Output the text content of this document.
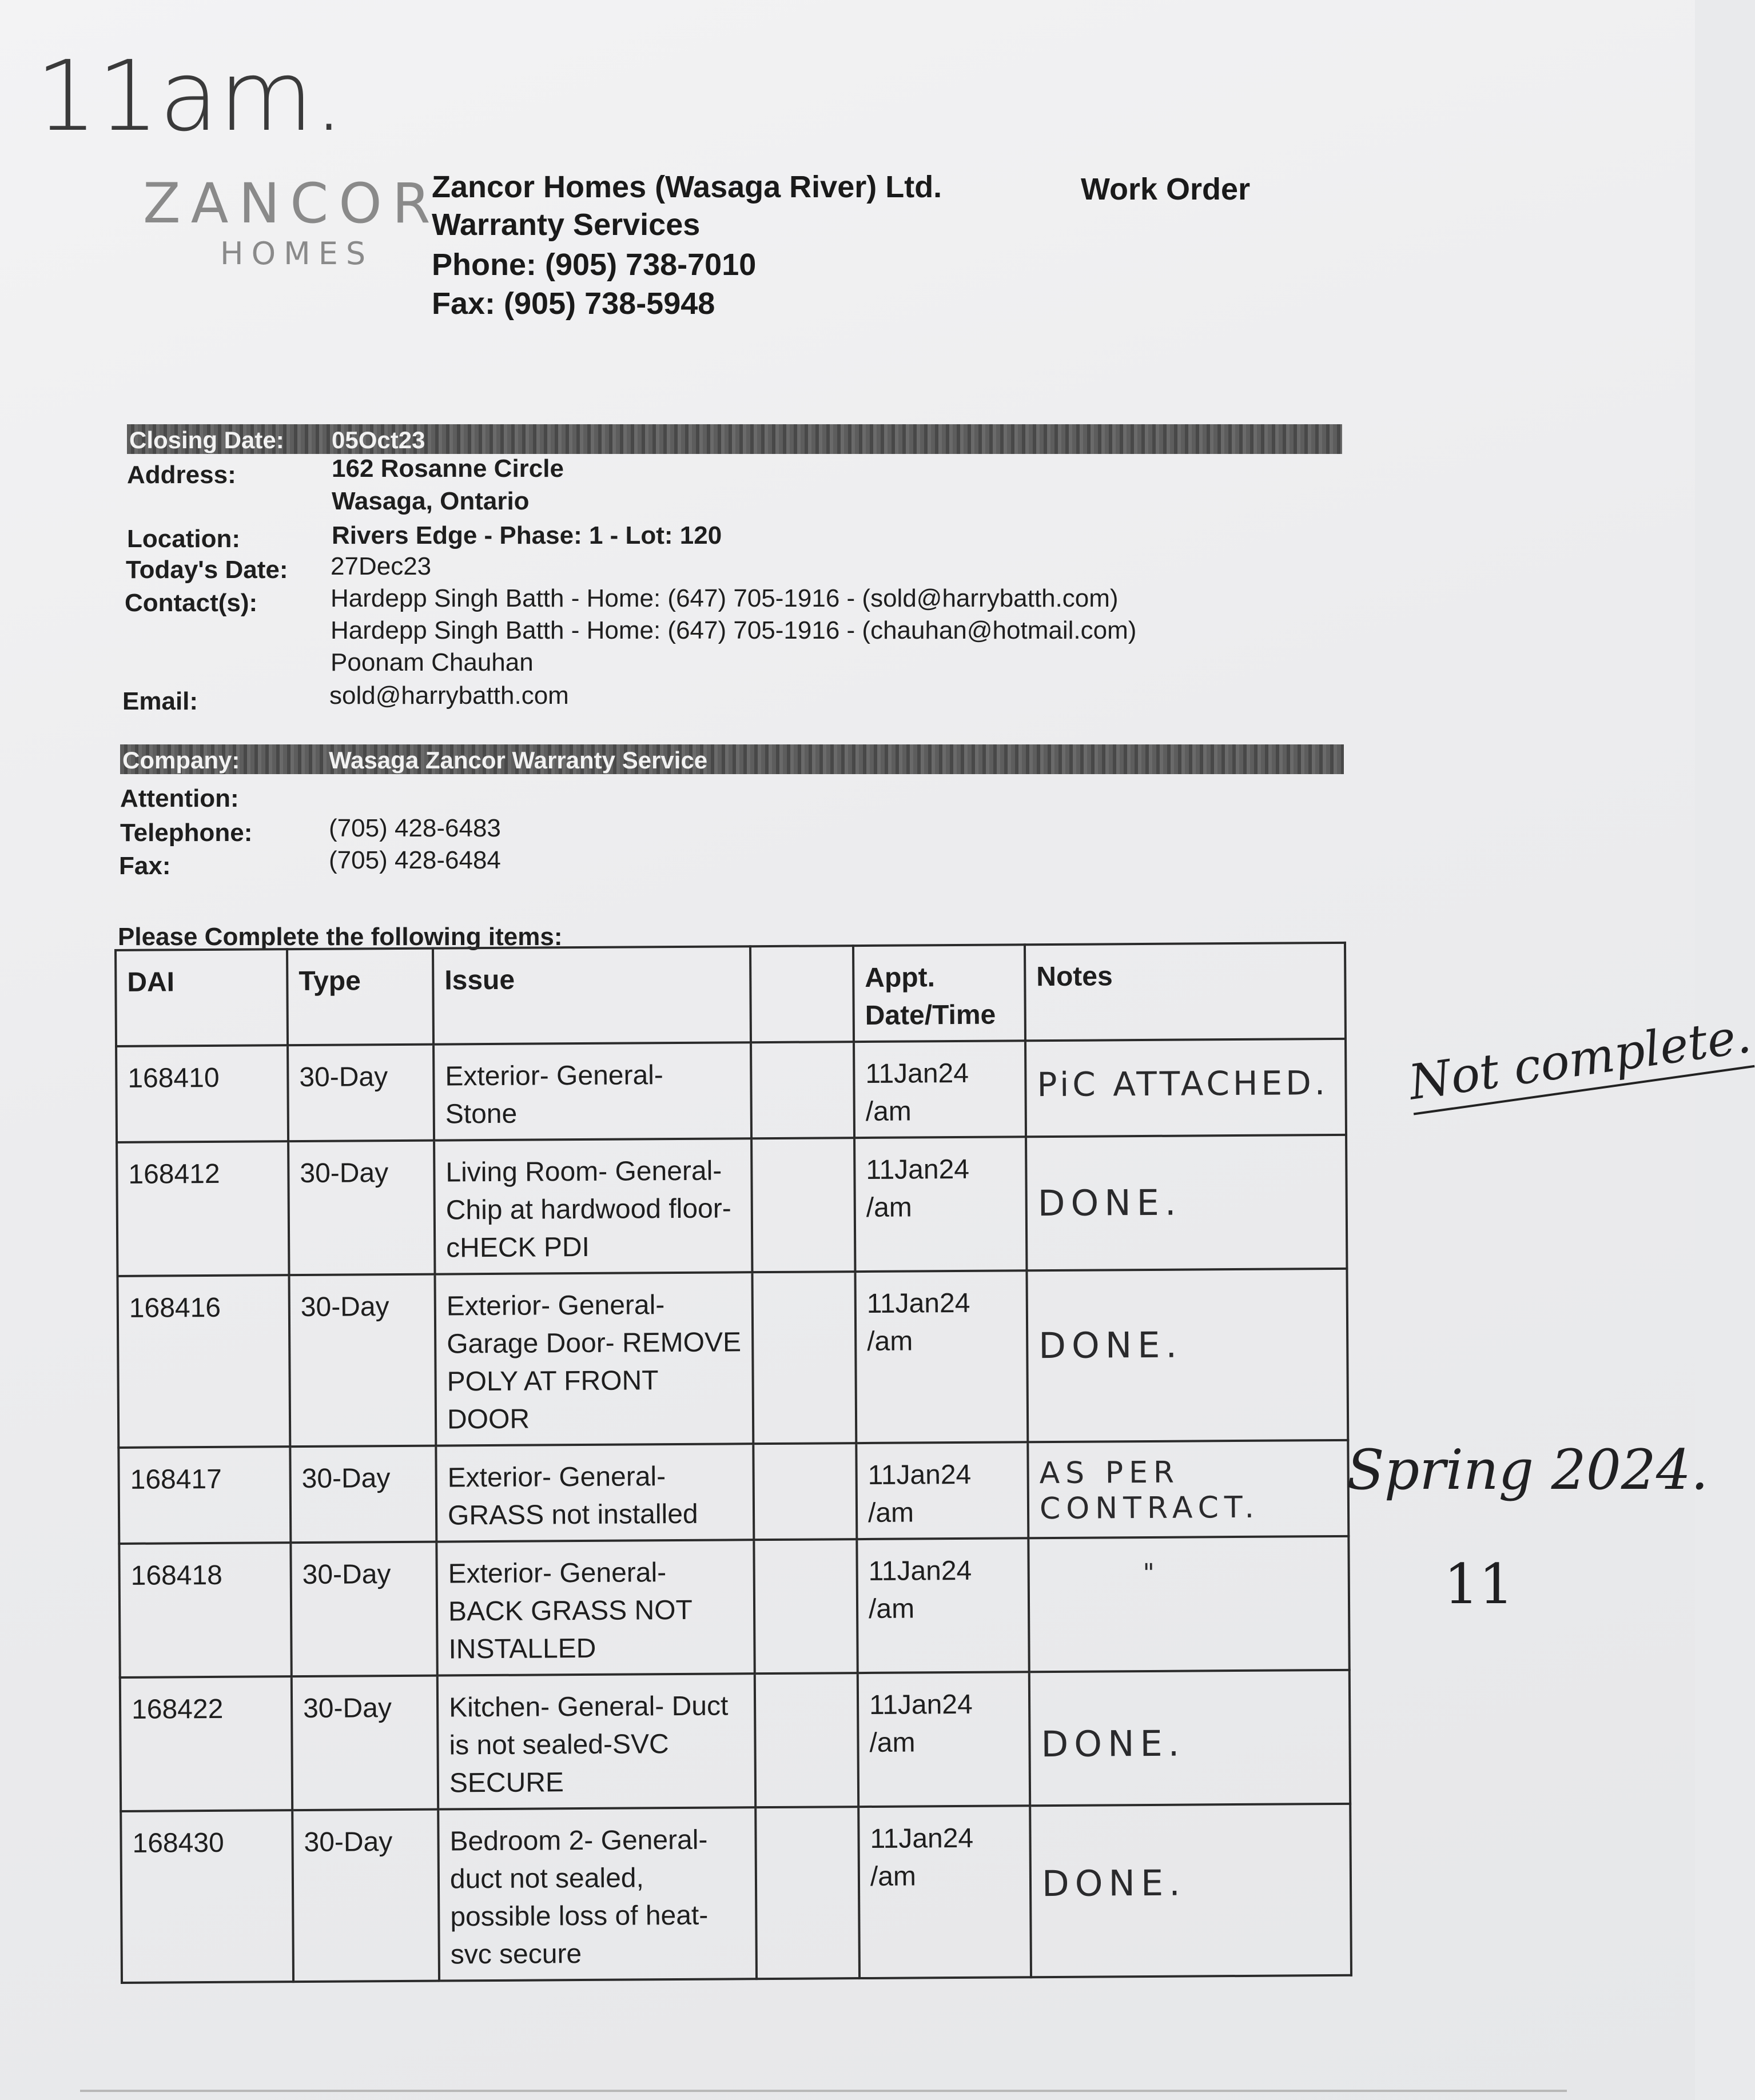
11am.
ZANCOR
HOMES
Zancor Homes (Wasaga River) Ltd.
Warranty Services
Phone: (905) 738-7010
Fax: (905) 738-5948
Work Order
Closing Date: 05Oct23
Address:	162 Rosanne Circle
Wasaga, Ontario
Location:	Rivers Edge - Phase: 1 - Lot: 120
Today's Date: 27Dec23
Contact(s):	Hardepp Singh Batth - Home: (647) 705-1916 - (sold@harrybatth.com)
Hardepp Singh Batth - Home: (647) 705-1916 - (chauhan@hotmail.com)
Poonam Chauhan
Email:	sold@harrybatth.com
Company:	Wasaga Zancor Warranty Service
Attention:
Telephone:	(705) 428-6483
Fax:	(705) 428-6484
Please Complete the following items:
DAI	Type	Issue		Appt. Date/Time	Notes
168410	30-Day	Exterior- General- Stone		11Jan24 /am	PiC ATTACHED.

168412	30-Day	Living Room- General- Chip at hardwood floor- cHECK PDI		11Jan24 /am	DONE.

168416	30-Day	Exterior- General- Garage Door- REMOVE POLY AT FRONT DOOR		11Jan24 /am	DONE.

168417	30-Day	Exterior- General- GRASS not installed		11Jan24 /am	AS PER CONTRACT.

168418	30-Day	Exterior- General- BACK GRASS NOT INSTALLED		11Jan24 /am	"

168422	30-Day	Kitchen- General- Duct is not sealed-SVC SECURE		11Jan24 /am	DONE.

168430	30-Day	Bedroom 2- General- duct not sealed, possible loss of heat- svc secure		11Jan24 /am	DONE.
Not complete.
Spring 2024.
11
